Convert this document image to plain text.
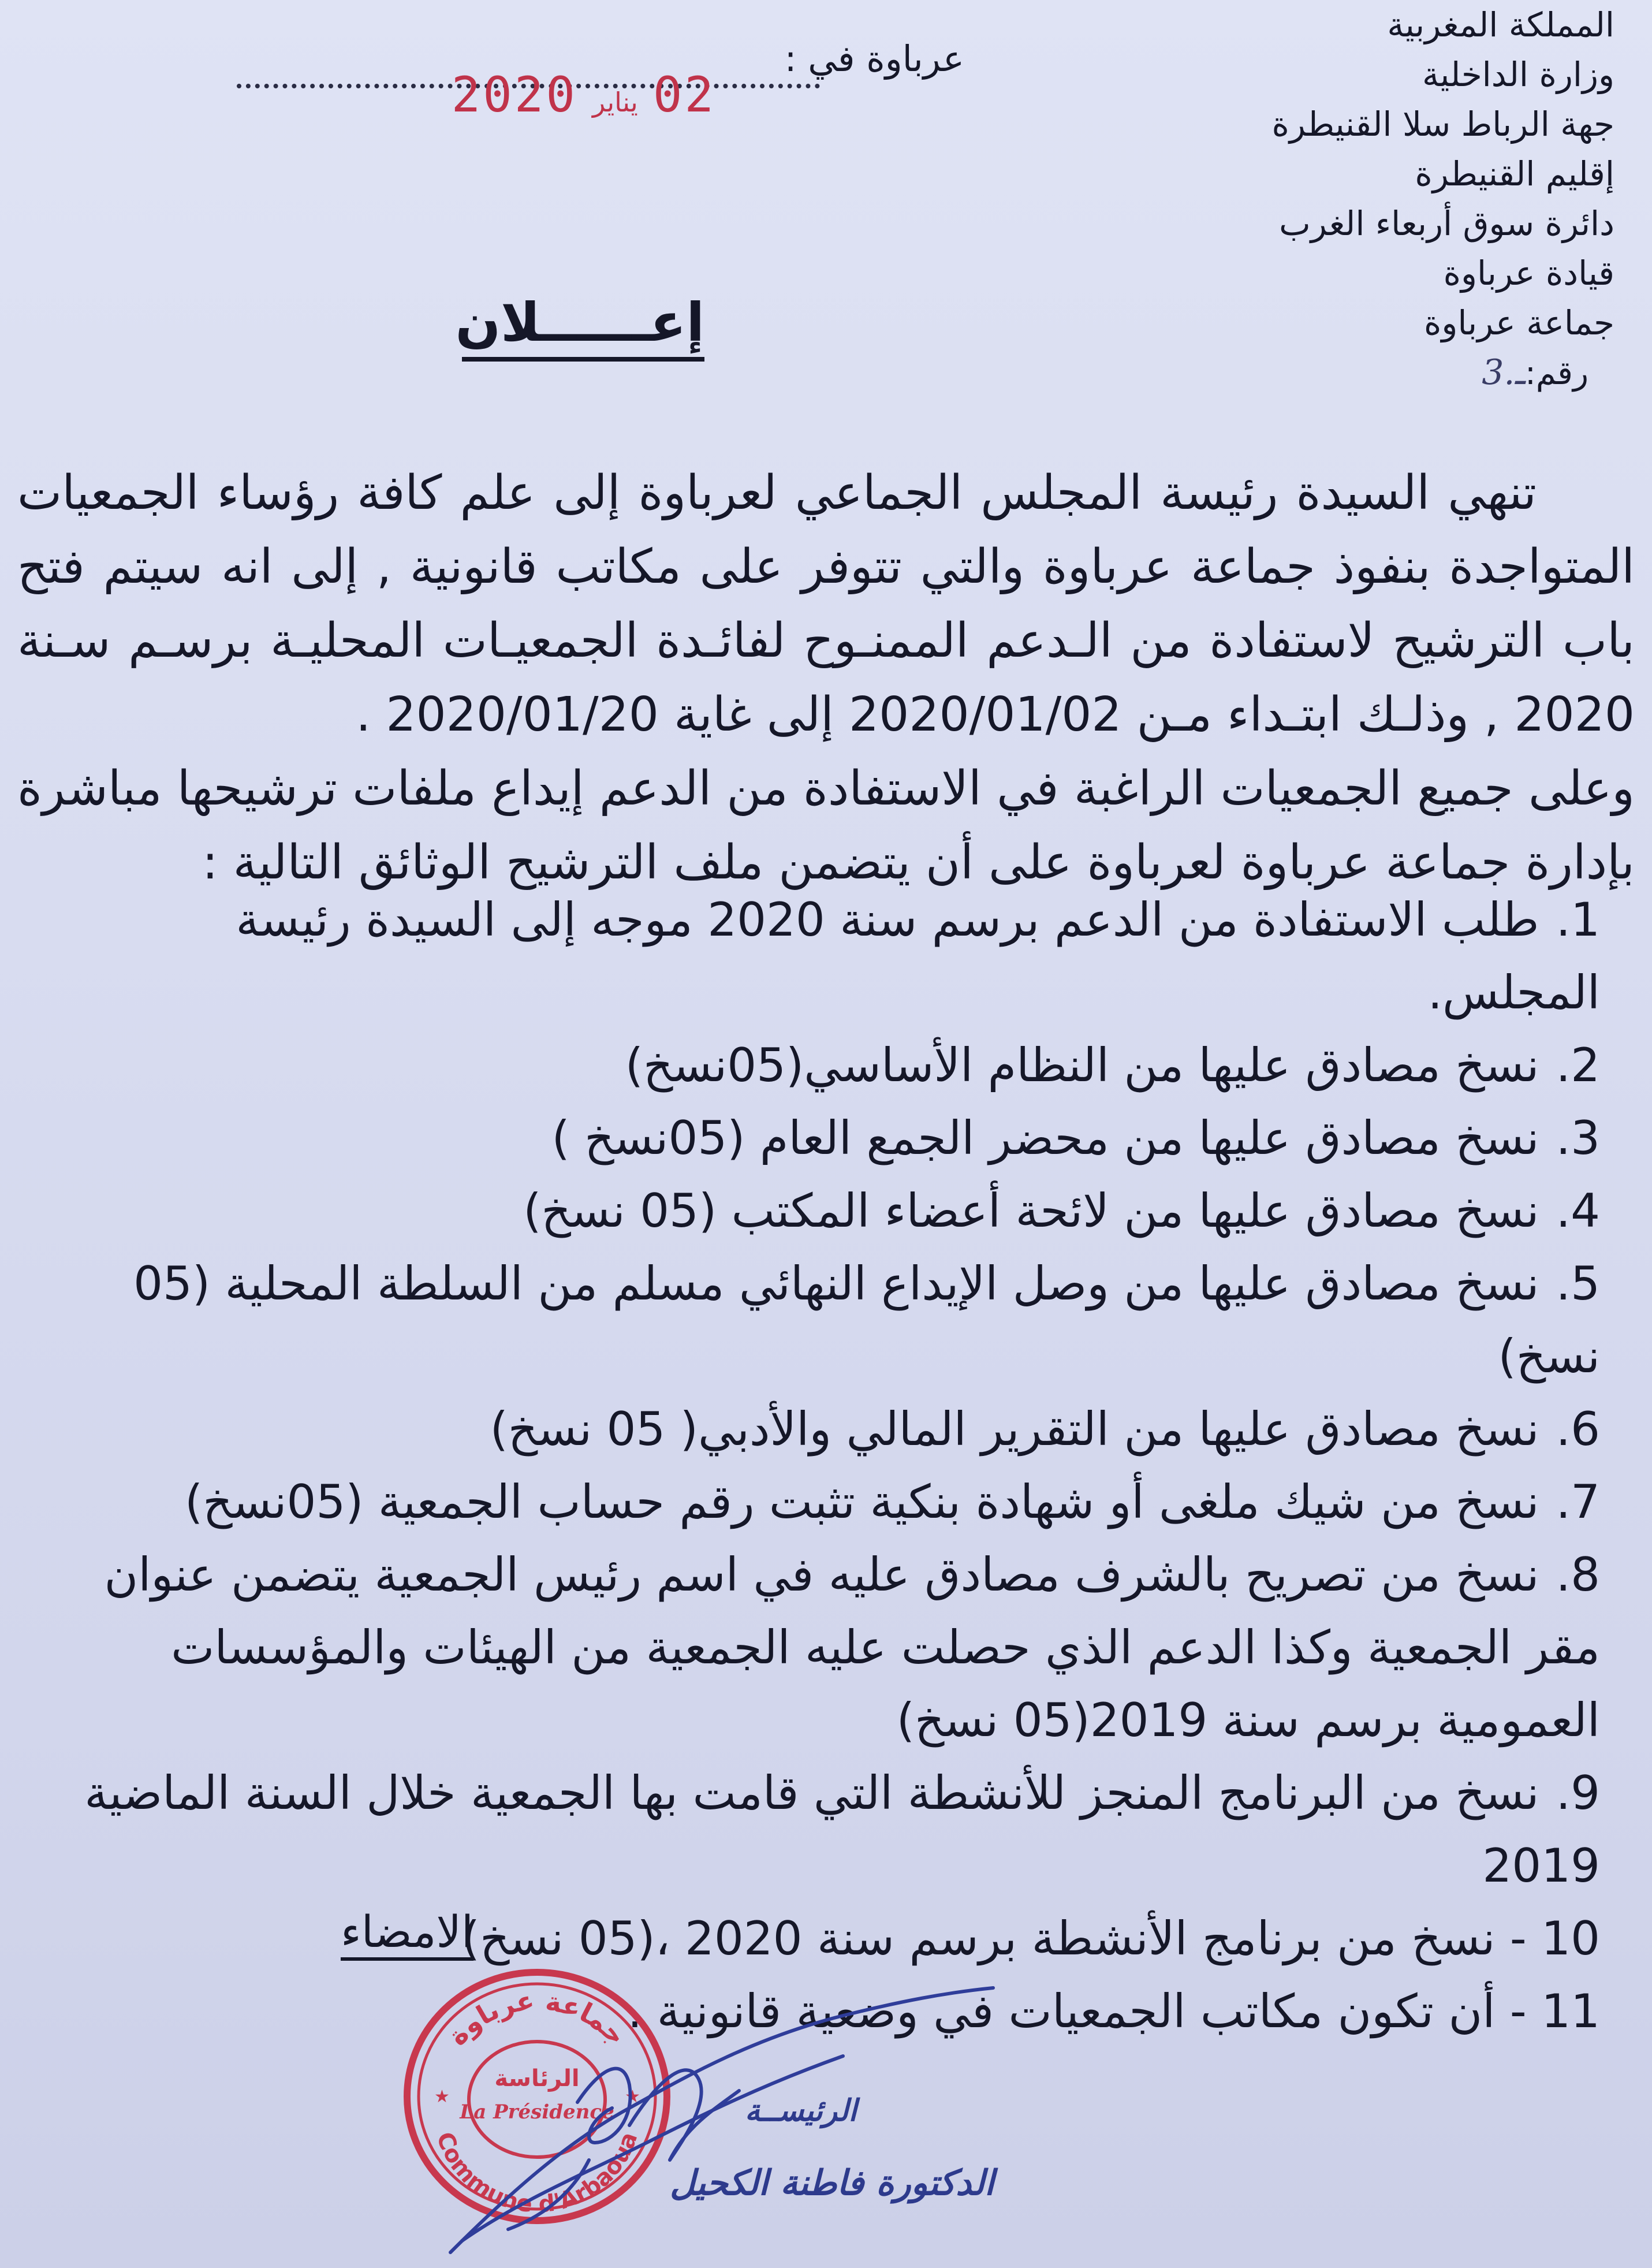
المملكة المغربية
وزارة الداخلية
جهة الرباط سلا القنيطرة
إقليم القنيطرة
دائرة سوق أربعاء الغرب
قيادة عرباوة
جماعة عرباوة
رقم:3.ـ
عرباوة في :
2020 يناير 02
إعــــــلان

تنهي السيدة رئيسة المجلس الجماعي لعرباوة إلى علم كافة رؤساء الجمعيات المتواجدة بنفوذ جماعة عرباوة والتي تتوفر على مكاتب قانونية , إلى انه سيتم فتح باب الترشيح لاستفادة من الـدعم الممنـوح لفائـدة الجمعيـات المحليـة برسـم سـنة 2020 , وذلـك ابتـداء مـن 2020/01/02 إلى غاية 2020/01/20 .

وعلى جميع الجمعيات الراغبة في الاستفادة من الدعم إيداع ملفات ترشيحها مباشرة بإدارة جماعة عرباوة لعرباوة على أن يتضمن ملف الترشيح الوثائق التالية :

1. طلب الاستفادة من الدعم برسم سنة 2020 موجه إلى السيدة رئيسة المجلس.
2. نسخ مصادق عليها من النظام الأساسي(05نسخ)
3. نسخ مصادق عليها من محضر الجمع العام (05نسخ )
4. نسخ مصادق عليها من لائحة أعضاء المكتب (05 نسخ)
5. نسخ مصادق عليها من وصل الإيداع النهائي مسلم من السلطة المحلية (05 نسخ)
6. نسخ مصادق عليها من التقرير المالي والأدبي( 05 نسخ)
7. نسخ من شيك ملغى أو شهادة بنكية تثبت رقم حساب الجمعية (05نسخ)
8. نسخ من تصريح بالشرف مصادق عليه في اسم رئيس الجمعية يتضمن عنوان مقر الجمعية وكذا الدعم الذي حصلت عليه الجمعية من الهيئات والمؤسسات العمومية برسم سنة 2019(05 نسخ)
9. نسخ من البرنامج المنجز للأنشطة التي قامت بها الجمعية خلال السنة الماضية 2019
10 - نسخ من برنامج الأنشطة برسم سنة 2020 ،(05 نسخ)
11 - أن تكون مكاتب الجمعيات في وضعية قانونية .
الامضاء
جماعة عرباوة
Commune d'Arbaoua
الرئاسة
La Présidence
★	★	الرئيســة
الدكتورة فاطنة الكحيل
